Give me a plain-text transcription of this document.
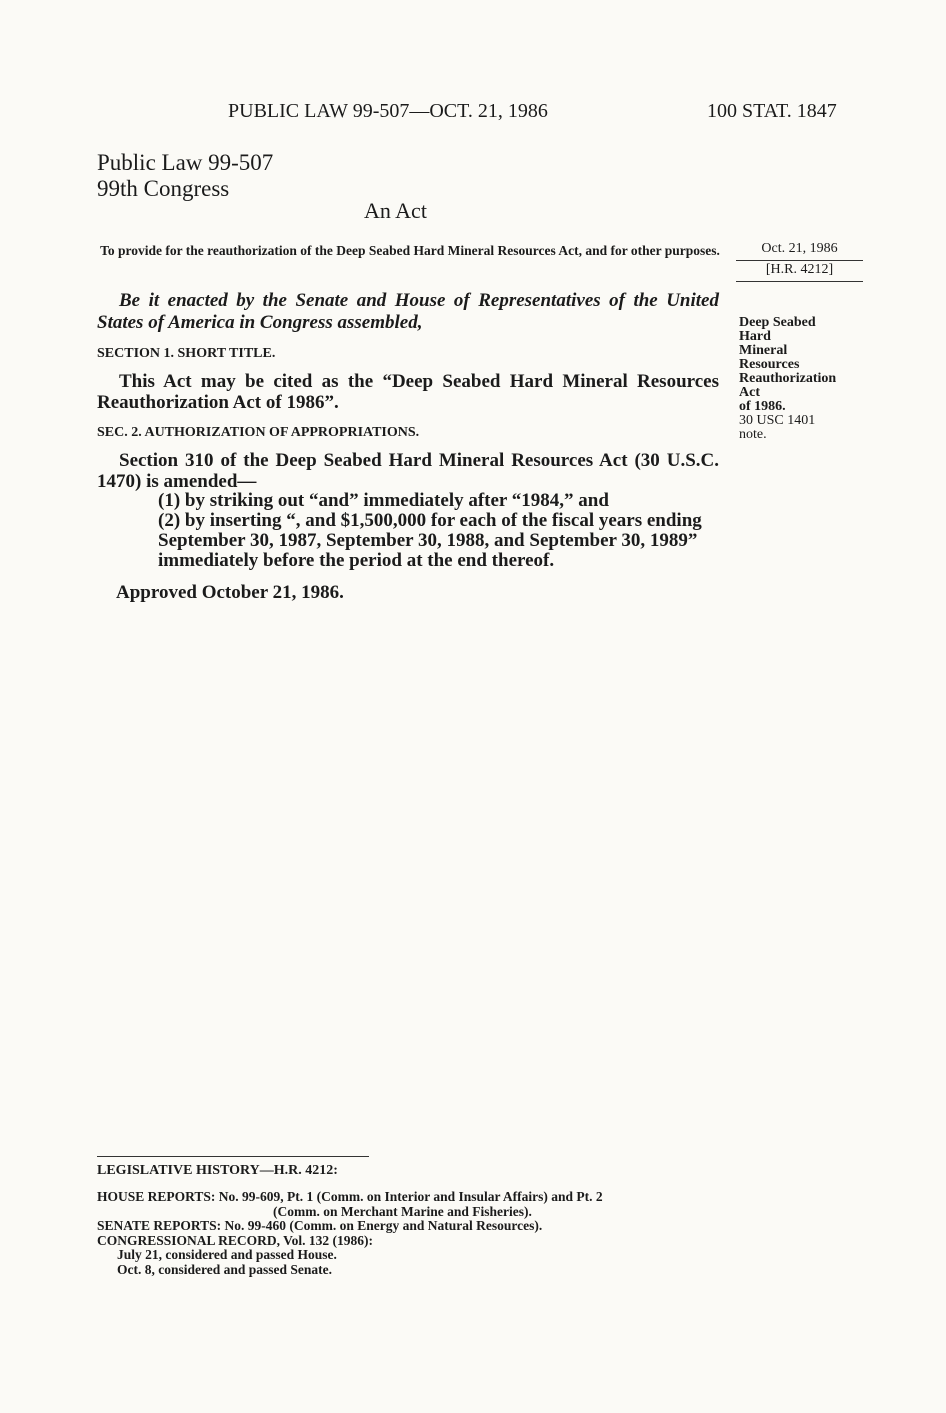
PUBLIC LAW 99-507—OCT. 21, 1986	100 STAT. 1847
Public Law 99-507
99th Congress
An Act
To provide for the reauthorization of the Deep Seabed Hard Mineral Resources Act, and for other purposes.	Oct. 21, 1986
[H.R. 4212]
Be it enacted by the Senate and House of Representatives of the United States of America in Congress assembled,
SECTION 1. SHORT TITLE.
This Act may be cited as the “Deep Seabed Hard Mineral Resources Reauthorization Act of 1986”.
Deep Seabed
Hard
Mineral
Resources
Reauthorization
Act
of 1986.
30 USC 1401
note.
SEC. 2. AUTHORIZATION OF APPROPRIATIONS.
Section 310 of the Deep Seabed Hard Mineral Resources Act (30 U.S.C. 1470) is amended—
(1) by striking out “and” immediately after “1984,” and
(2) by inserting “, and $1,500,000 for each of the fiscal years ending September 30, 1987, September 30, 1988, and September 30, 1989” immediately before the period at the end thereof.
Approved October 21, 1986.
LEGISLATIVE HISTORY—H.R. 4212:
HOUSE REPORTS: No. 99-609, Pt. 1 (Comm. on Interior and Insular Affairs) and Pt. 2
(Comm. on Merchant Marine and Fisheries).
SENATE REPORTS: No. 99-460 (Comm. on Energy and Natural Resources).
CONGRESSIONAL RECORD, Vol. 132 (1986):
July 21, considered and passed House.
Oct. 8, considered and passed Senate.
